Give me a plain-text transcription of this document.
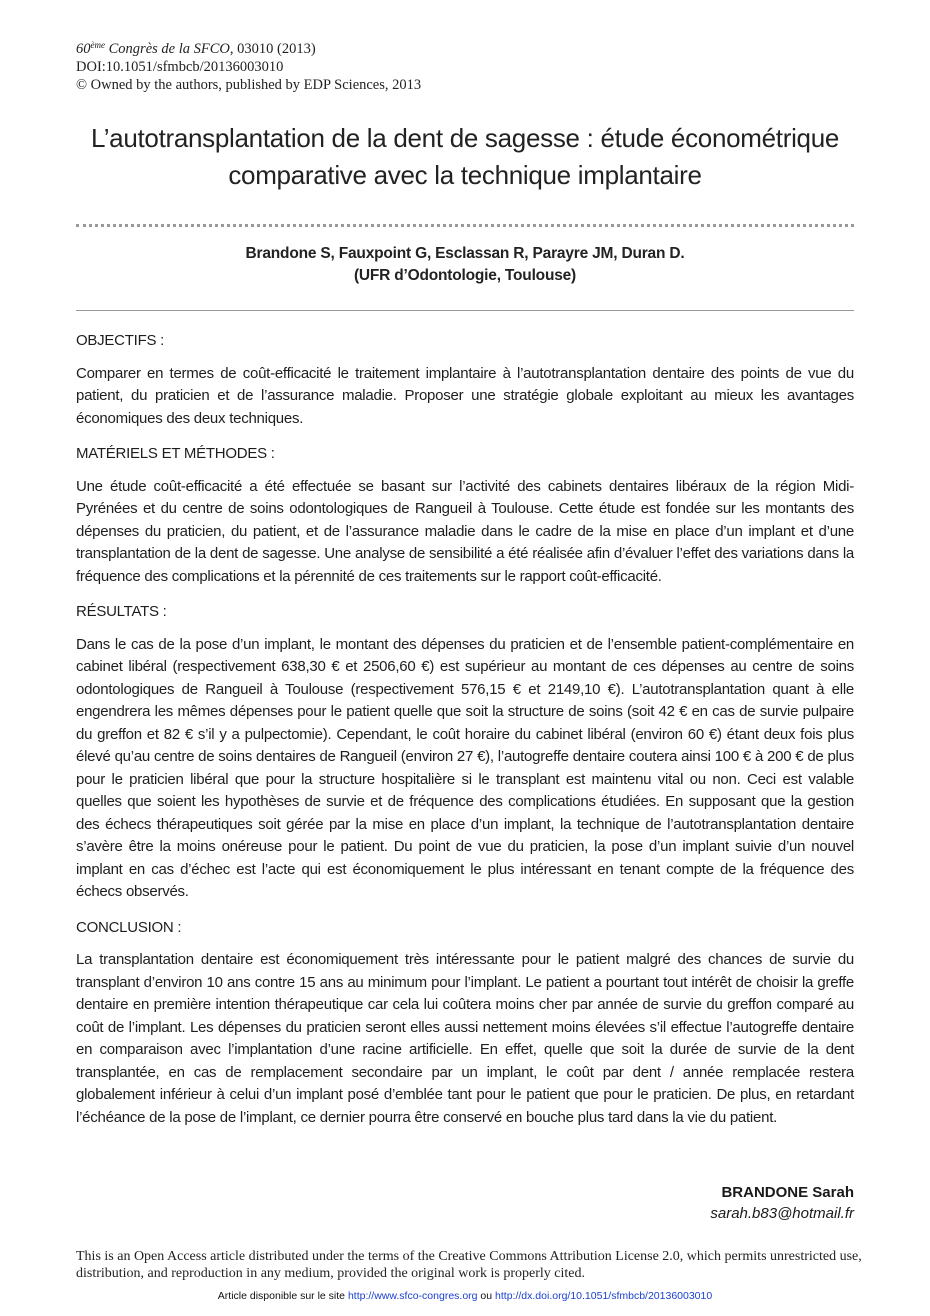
60ème Congrès de la SFCO, 03010 (2013)
DOI:10.1051/sfmbcb/20136003010
© Owned by the authors, published by EDP Sciences, 2013
L’autotransplantation de la dent de sagesse : étude économétrique
comparative avec la technique implantaire
Brandone S, Fauxpoint G, Esclassan R, Parayre JM, Duran D.
(UFR d’Odontologie, Toulouse)
OBJECTIFS :
Comparer en termes de coût-efficacité le traitement implantaire à l’autotransplantation dentaire des points de vue du patient, du praticien et de l’assurance maladie. Proposer une stratégie globale exploitant au mieux les avantages économiques des deux techniques.
MATÉRIELS ET MÉTHODES :
Une étude coût-efficacité a été effectuée se basant sur l’activité des cabinets dentaires libéraux de la région Midi-Pyrénées et du centre de soins odontologiques de Rangueil à Toulouse. Cette étude est fondée sur les montants des dépenses du praticien, du patient, et de l’assurance maladie dans le cadre de la mise en place d’un implant et d’une transplantation de la dent de sagesse. Une analyse de sensibilité a été réalisée afin d’évaluer l’effet des variations dans la fréquence des complications et la pérennité de ces traitements sur le rapport coût-efficacité.
RÉSULTATS :
Dans le cas de la pose d’un implant, le montant des dépenses du praticien et de l’ensemble patient-complémentaire en cabinet libéral (respectivement 638,30 € et 2506,60 €) est supérieur au montant de ces dépenses au centre de soins odontologiques de Rangueil à Toulouse (respectivement 576,15 € et 2149,10 €). L’autotransplantation quant à elle engendrera les mêmes dépenses pour le patient quelle que soit la structure de soins (soit 42 € en cas de survie pulpaire du greffon et 82 € s’il y a pulpectomie). Cependant, le coût horaire du cabinet libéral (environ 60 €) étant deux fois plus élevé qu’au centre de soins dentaires de Rangueil (environ 27 €), l’autogreffe dentaire coutera ainsi 100 € à 200 € de plus pour le praticien libéral que pour la structure hospitalière si le transplant est maintenu vital ou non. Ceci est valable quelles que soient les hypothèses de survie et de fréquence des complications étudiées. En supposant que la gestion des échecs thérapeutiques soit gérée par la mise en place d’un implant, la technique de l’autotransplantation dentaire s’avère être la moins onéreuse pour le patient. Du point de vue du praticien, la pose d’un implant suivie d’un nouvel implant en cas d’échec est l’acte qui est économiquement le plus intéressant en tenant compte de la fréquence des échecs observés.
CONCLUSION :
La transplantation dentaire est économiquement très intéressante pour le patient malgré des chances de survie du transplant d’environ 10 ans contre 15 ans au minimum pour l’implant. Le patient a pourtant tout intérêt de choisir la greffe dentaire en première intention thérapeutique car cela lui coûtera moins cher par année de survie du greffon comparé au coût de l’implant. Les dépenses du praticien seront elles aussi nettement moins élevées s’il effectue l’autogreffe dentaire en comparaison avec l’implantation d’une racine artificielle. En effet, quelle que soit la durée de survie de la dent transplantée, en cas de remplacement secondaire par un implant, le coût par dent / année remplacée restera globalement inférieur à celui d’un implant posé d’emblée tant pour le patient que pour le praticien. De plus, en retardant l’échéance de la pose de l’implant, ce dernier pourra être conservé en bouche plus tard dans la vie du patient.
BRANDONE Sarah
sarah.b83@hotmail.fr
This is an Open Access article distributed under the terms of the Creative Commons Attribution License 2.0, which permits unrestricted use, distribution, and reproduction in any medium, provided the original work is properly cited.
Article disponible sur le site http://www.sfco-congres.org ou http://dx.doi.org/10.1051/sfmbcb/20136003010
